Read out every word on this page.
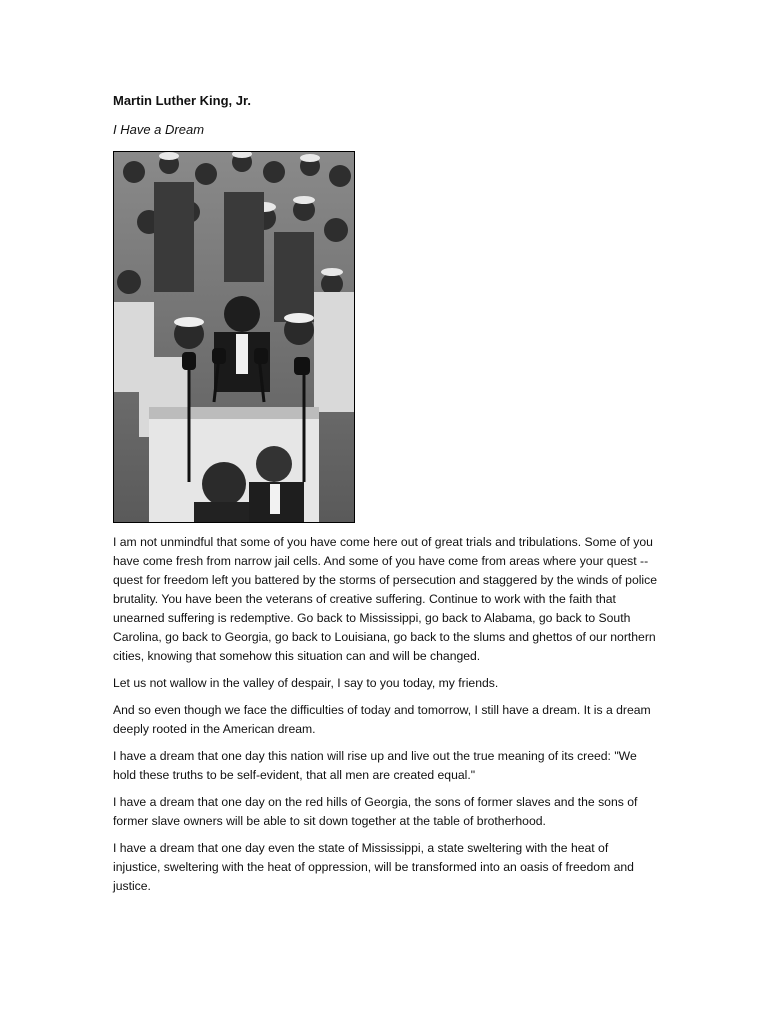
Martin Luther King, Jr.
I Have a Dream

I am not unmindful that some of you have come here out of great trials and tribulations. Some of you have come fresh from narrow jail cells. And some of you have come from areas where your quest -- quest for freedom left you battered by the storms of persecution and staggered by the winds of police brutality. You have been the veterans of creative suffering. Continue to work with the faith that unearned suffering is redemptive. Go back to Mississippi, go back to Alabama, go back to South Carolina, go back to Georgia, go back to Louisiana, go back to the slums and ghettos of our northern cities, knowing that somehow this situation can and will be changed.

Let us not wallow in the valley of despair, I say to you today, my friends.

And so even though we face the difficulties of today and tomorrow, I still have a dream. It is a dream deeply rooted in the American dream.

I have a dream that one day this nation will rise up and live out the true meaning of its creed: "We hold these truths to be self-evident, that all men are created equal."

I have a dream that one day on the red hills of Georgia, the sons of former slaves and the sons of former slave owners will be able to sit down together at the table of brotherhood.

I have a dream that one day even the state of Mississippi, a state sweltering with the heat of injustice, sweltering with the heat of oppression, will be transformed into an oasis of freedom and justice.
